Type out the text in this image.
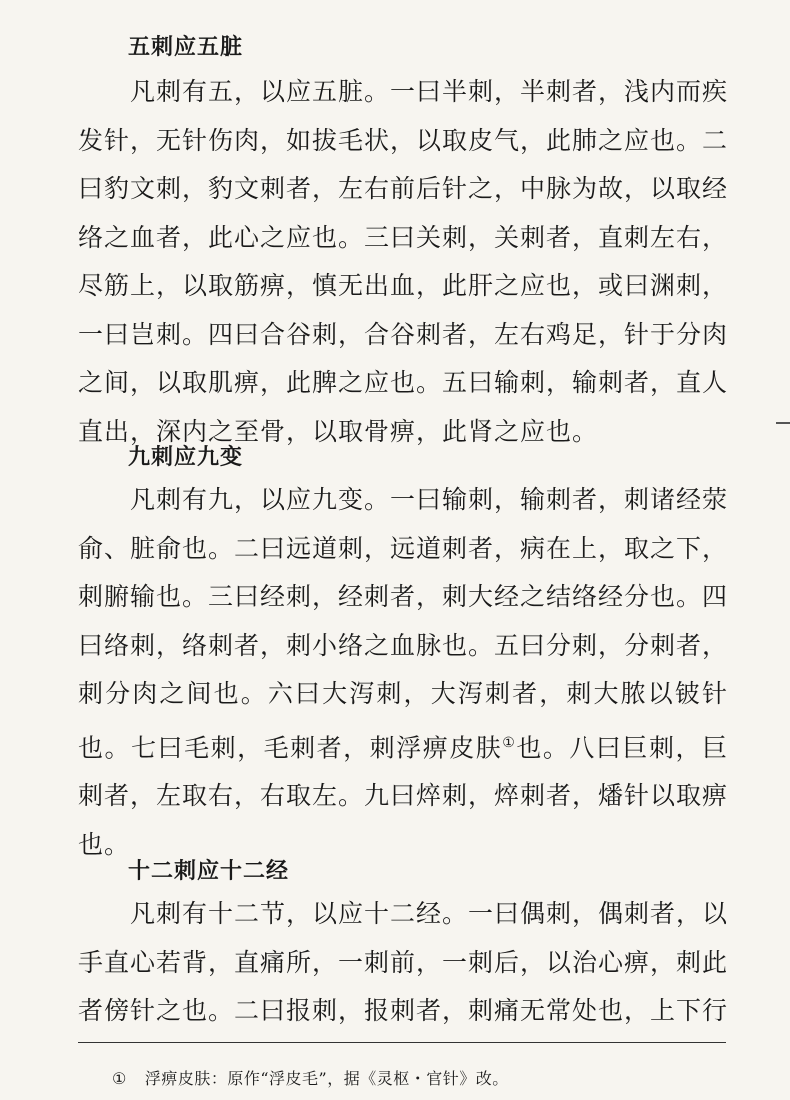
五刺应五脏

凡刺有五，以应五脏。一曰半刺，半刺者，浅内而疾发针，无针伤肉，如拔毛状，以取皮气，此肺之应也。二曰豹文刺，豹文刺者，左右前后针之，中脉为故，以取经络之血者，此心之应也。三曰关刺，关刺者，直刺左右，尽筋上，以取筋痹，慎无出血，此肝之应也，或曰渊刺，一曰岂刺。四曰合谷刺，合谷刺者，左右鸡足，针于分肉之间，以取肌痹，此脾之应也。五曰输刺，输刺者，直人直出，深内之至骨，以取骨痹，此肾之应也。

九刺应九变

凡刺有九，以应九变。一曰输刺，输刺者，刺诸经荥俞、脏俞也。二曰远道刺，远道刺者，病在上，取之下，刺腑输也。三曰经刺，经刺者，刺大经之结络经分也。四曰络刺，络刺者，刺小络之血脉也。五曰分刺，分刺者，刺分肉之间也。六曰大泻刺，大泻刺者，刺大脓以铍针也。七曰毛刺，毛刺者，刺浮痹皮肤①也。八曰巨刺，巨刺者，左取右，右取左。九曰焠刺，焠刺者，燔针以取痹也。

十二刺应十二经

凡刺有十二节，以应十二经。一曰偶刺，偶刺者，以手直心若背，直痛所，一刺前，一刺后，以治心痹，刺此者傍针之也。二曰报刺，报刺者，刺痛无常处也，上下行

① 浮痹皮肤：原作“浮皮毛”，据《灵枢・官针》改。
